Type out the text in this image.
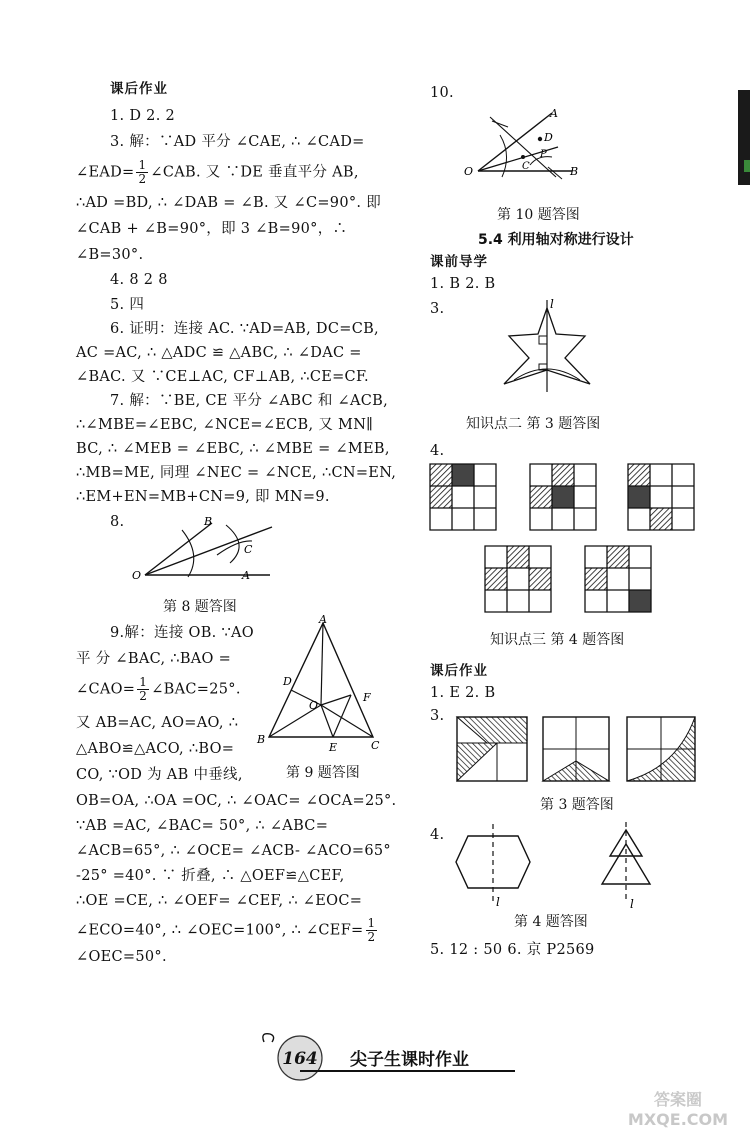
课后作业
1. D 2. 2
3. 解：∵AD 平分 ∠CAE, ∴ ∠CAD=
∠EAD= $\frac{1}{2}$ ∠CAB. 又 ∵DE 垂直平分 AB,
∴AD =BD, ∴ ∠DAB = ∠B. 又 ∠C=90°. 即
∠CAB + ∠B=90°，即 3 ∠B=90°，∴
∠B=30°.
4. 8 2 8
5. 四
6. 证明：连接 AC. ∵AD=AB, DC=CB,
AC =AC, ∴ △ADC ≌ △ABC, ∴ ∠DAC =
∠BAC. 又 ∵CE⊥AC, CF⊥AB, ∴CE=CF.
7. 解：∵BE, CE 平分 ∠ABC 和 ∠ACB,
∴∠MBE=∠EBC, ∠NCE=∠ECB, 又 MN∥
BC, ∴ ∠MEB = ∠EBC, ∴ ∠MBE = ∠MEB,
∴MB=ME, 同理 ∠NEC = ∠NCE, ∴CN=EN,
∴EM+EN=MB+CN=9, 即 MN=9.
8.	B
C
O	A
第 8 题答图
9.解：连接 OB. ∵AO
平 分 ∠BAC, ∴BAO =
∠CAO= $\frac{1}{2}$ ∠BAC=25°.
又 AB=AC, AO=AO, ∴
△ABO≌△ACO, ∴BO=
CO, ∵OD 为 AB 中垂线,
OB=OA, ∴OA =OC, ∴ ∠OAC= ∠OCA=25°.
∵AB =AC, ∠BAC= 50°, ∴ ∠ABC=
∠ACB=65°, ∴ ∠OCE= ∠ACB- ∠ACO=65°
-25° =40°. ∵ 折叠, ∴ △OEF≌△CEF,
∴OE =CE, ∴ ∠OEF= ∠CEF, ∴ ∠EOC=
∠ECO=40°, ∴ ∠OEC=100°, ∴ ∠CEF= $\frac{1}{2}$
∠OEC=50°.
A
D
O
F
B
E	C
第 9 题答图
10.
A
D
P
C
O	B
第 10 题答图
5.4 利用轴对称进行设计
课前导学
1. B 2. B
3.	l
知识点二 第 3 题答图
4.
知识点三 第 4 题答图
课后作业
1. E 2. B
3.
第 3 题答图
4.
l	l
第 4 题答图
5. 12 : 50 6. 京 P2569
164 尖子生课时作业
答案圈 MXQE.COM
